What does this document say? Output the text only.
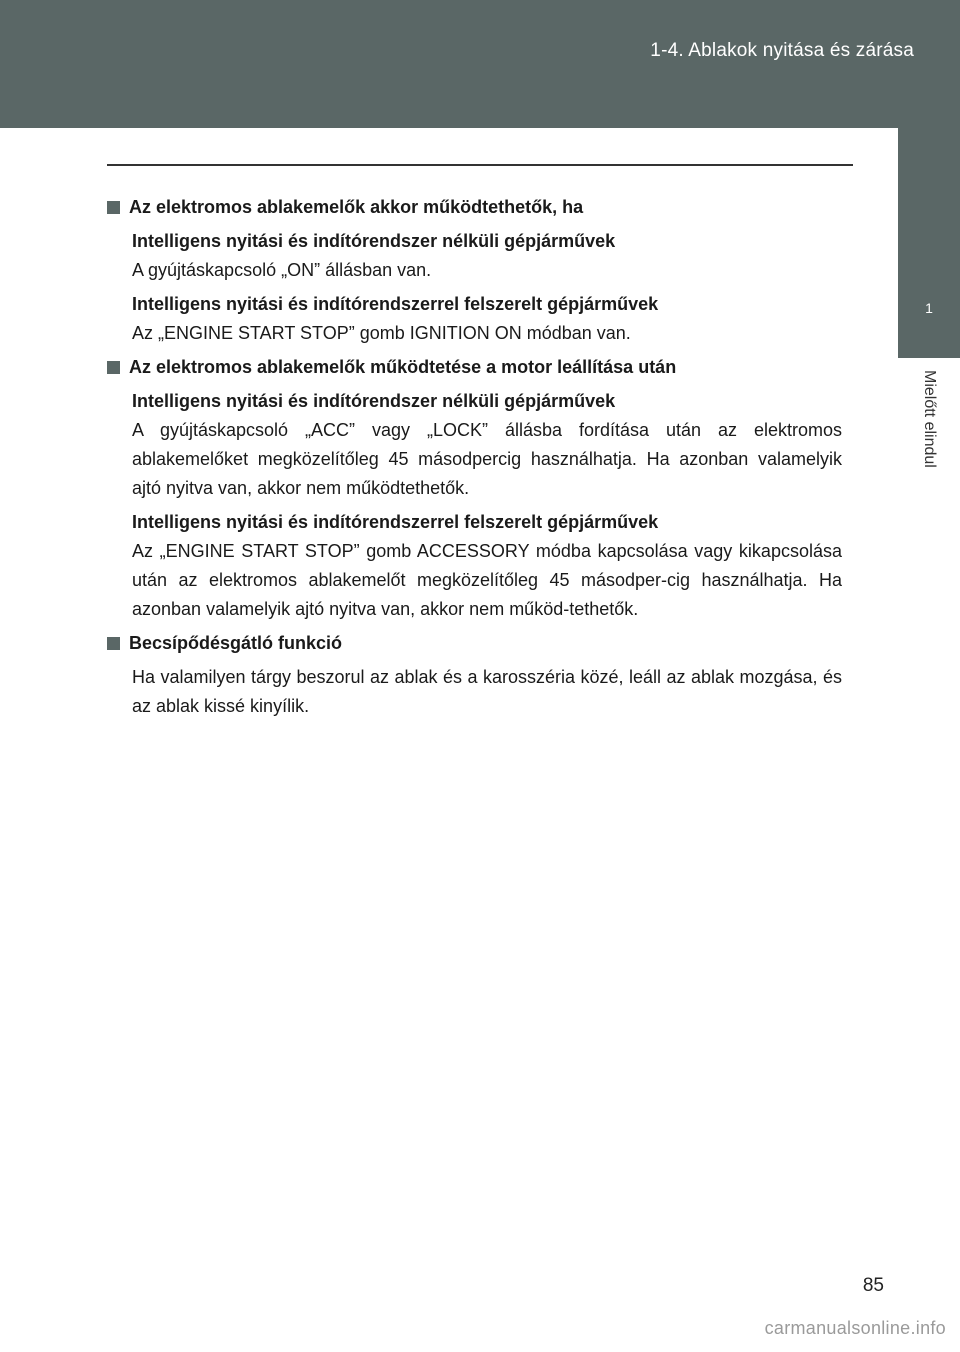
1-4. Ablakok nyitása és zárása
1
Mielőtt elindul
Az elektromos ablakemelők akkor működtethetők, ha
Intelligens nyitási és indítórendszer nélküli gépjárművek
A gyújtáskapcsoló „ON” állásban van.
Intelligens nyitási és indítórendszerrel felszerelt gépjárművek
Az „ENGINE START STOP” gomb IGNITION ON módban van.
Az elektromos ablakemelők működtetése a motor leállítása után
Intelligens nyitási és indítórendszer nélküli gépjárművek
A gyújtáskapcsoló „ACC” vagy „LOCK” állásba fordítása után az elektromos ablakemelőket megközelítőleg 45 másodpercig használhatja. Ha azonban valamelyik ajtó nyitva van, akkor nem működtethetők.
Intelligens nyitási és indítórendszerrel felszerelt gépjárművek
Az „ENGINE START STOP” gomb ACCESSORY módba kapcsolása vagy kikapcsolása után az elektromos ablakemelőt megközelítőleg 45 másodper-cig használhatja. Ha azonban valamelyik ajtó nyitva van, akkor nem működ-tethetők.
Becsípődésgátló funkció
Ha valamilyen tárgy beszorul az ablak és a karosszéria közé, leáll az ablak mozgása, és az ablak kissé kinyílik.
85
carmanualsonline.info
